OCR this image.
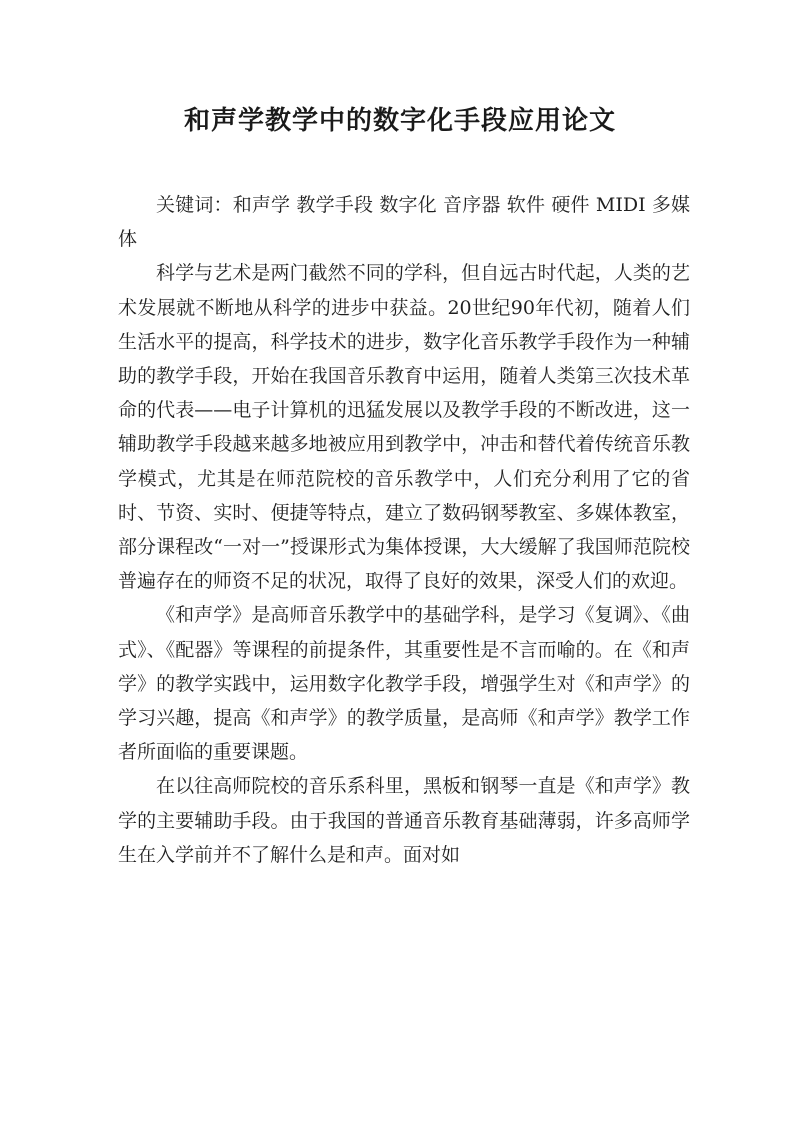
和声学教学中的数字化手段应用论文

关键词：和声学 教学手段 数字化 音序器 软件 硬件 MIDI 多媒体

科学与艺术是两门截然不同的学科，但自远古时代起，人类的艺术发展就不断地从科学的进步中获益。20世纪90年代初，随着人们生活水平的提高，科学技术的进步，数字化音乐教学手段作为一种辅助的教学手段，开始在我国音乐教育中运用，随着人类第三次技术革命的代表——电子计算机的迅猛发展以及教学手段的不断改进，这一辅助教学手段越来越多地被应用到教学中，冲击和替代着传统音乐教学模式，尤其是在师范院校的音乐教学中，人们充分利用了它的省时、节资、实时、便捷等特点，建立了数码钢琴教室、多媒体教室，部分课程改“一对一”授课形式为集体授课，大大缓解了我国师范院校普遍存在的师资不足的状况，取得了良好的效果，深受人们的欢迎。

《和声学》是高师音乐教学中的基础学科，是学习《复调》、《曲式》、《配器》等课程的前提条件，其重要性是不言而喻的。在《和声学》的教学实践中，运用数字化教学手段，增强学生对《和声学》的学习兴趣，提高《和声学》的教学质量，是高师《和声学》教学工作者所面临的重要课题。

在以往高师院校的音乐系科里，黑板和钢琴一直是《和声学》教学的主要辅助手段。由于我国的普通音乐教育基础薄弱，许多高师学生在入学前并不了解什么是和声。面对如
